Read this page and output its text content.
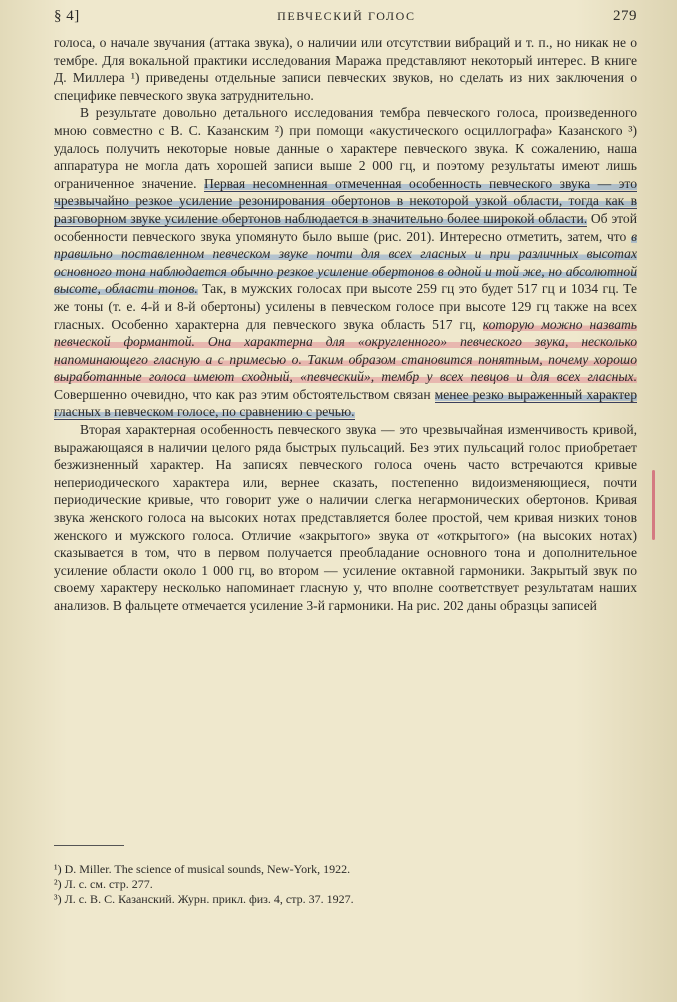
§ 4]	ПЕВЧЕСКИЙ ГОЛОС	279

голоса, о начале звучания (аттака звука), о наличии или отсутствии вибраций и т. п., но никак не о тембре. Для вокальной практики исследования Маража представляют некоторый интерес. В книге Д. Миллера ¹) приведены отдельные записи певческих звуков, но сделать из них заключения о специфике певческого звука затруднительно.

В результате довольно детального исследования тембра певческого голоса, произведенного мною совместно с В. С. Казанским ²) при помощи «акустического осциллографа» Казанского ³) удалось получить некоторые новые данные о характере певческого звука. К сожалению, наша аппаратура не могла дать хорошей записи выше 2 000 гц, и поэтому результаты имеют лишь ограниченное значение. Первая несомненная отмеченная особенность певческого звука — это чрезвычайно резкое усиление резонирования обертонов в некоторой узкой области, тогда как в разговорном звуке усиление обертонов наблюдается в значительно более широкой области. Об этой особенности певческого звука упомянуто было выше (рис. 201). Интересно отметить, затем, что в правильно поставленном певческом звуке почти для всех гласных и при различных высотах основного тона наблюдается обычно резкое усиление обертонов в одной и той же, но абсолютной высоте, области тонов. Так, в мужских голосах при высоте 259 гц это будет 517 гц и 1034 гц. Те же тоны (т. е. 4-й и 8-й обертоны) усилены в певческом голосе при высоте 129 гц также на всех гласных. Особенно характерна для певческого звука область 517 гц, которую можно назвать певческой формантой. Она характерна для «округленного» певческого звука, несколько напоминающего гласную а с примесью о. Таким образом становится понятным, почему хорошо выработанные голоса имеют сходный, «певческий», тембр у всех певцов и для всех гласных. Совершенно очевидно, что как раз этим обстоятельством связан менее резко выраженный характер гласных в певческом голосе, по сравнению с речью.

Вторая характерная особенность певческого звука — это чрезвычайная изменчивость кривой, выражающаяся в наличии целого ряда быстрых пульсаций. Без этих пульсаций голос приобретает безжизненный характер. На записях певческого голоса очень часто встречаются кривые непериодического характера или, вернее сказать, постепенно видоизменяющиеся, почти периодические кривые, что говорит уже о наличии слегка негармонических обертонов. Кривая звука женского голоса на высоких нотах представляется более простой, чем кривая низких тонов женского и мужского голоса. Отличие «закрытого» звука от «открытого» (на высоких нотах) сказывается в том, что в первом получается преобладание основного тона и дополнительное усиление области около 1 000 гц, во втором — усиление октавной гармоники. Закрытый звук по своему характеру несколько напоминает гласную у, что вполне соответствует результатам наших анализов. В фальцете отмечается усиление 3-й гармоники. На рис. 202 даны образцы записей

¹) D. Miller. The science of musical sounds, New-York, 1922.
²) Л. с. см. стр. 277.
³) Л. с. В. С. Казанский. Журн. прикл. физ. 4, стр. 37. 1927.
